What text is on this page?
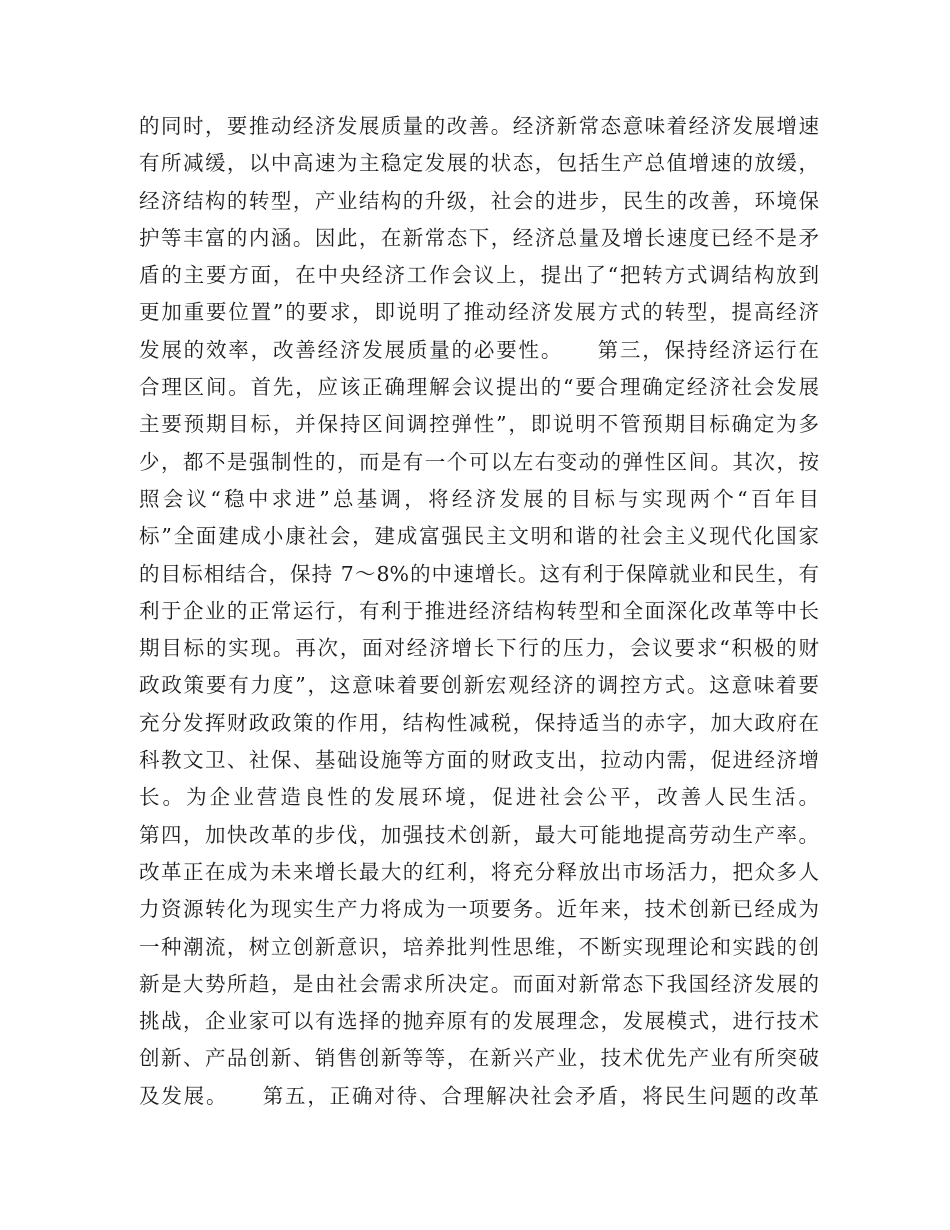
的同时，要推动经济发展质量的改善。经济新常态意味着经济发展增速
有所减缓，以中高速为主稳定发展的状态，包括生产总值增速的放缓，
经济结构的转型，产业结构的升级，社会的进步，民生的改善，环境保
护等丰富的内涵。因此，在新常态下，经济总量及增长速度已经不是矛
盾的主要方面，在中央经济工作会议上，提出了“把转方式调结构放到
更加重要位置”的要求，即说明了推动经济发展方式的转型，提高经济
发展的效率，改善经济发展质量的必要性。　　第三，保持经济运行在
合理区间。首先，应该正确理解会议提出的“要合理确定经济社会发展
主要预期目标，并保持区间调控弹性”，即说明不管预期目标确定为多
少，都不是强制性的，而是有一个可以左右变动的弹性区间。其次，按
照会议“稳中求进”总基调，将经济发展的目标与实现两个“百年目
标”全面建成小康社会，建成富强民主文明和谐的社会主义现代化国家
的目标相结合，保持 7～8%的中速增长。这有利于保障就业和民生，有
利于企业的正常运行，有利于推进经济结构转型和全面深化改革等中长
期目标的实现。再次，面对经济增长下行的压力，会议要求“积极的财
政政策要有力度”，这意味着要创新宏观经济的调控方式。这意味着要
充分发挥财政政策的作用，结构性减税，保持适当的赤字，加大政府在
科教文卫、社保、基础设施等方面的财政支出，拉动内需，促进经济增
长。为企业营造良性的发展环境，促进社会公平，改善人民生活。
第四，加快改革的步伐，加强技术创新，最大可能地提高劳动生产率。
改革正在成为未来增长最大的红利，将充分释放出市场活力，把众多人
力资源转化为现实生产力将成为一项要务。近年来，技术创新已经成为
一种潮流，树立创新意识，培养批判性思维，不断实现理论和实践的创
新是大势所趋，是由社会需求所决定。而面对新常态下我国经济发展的
挑战，企业家可以有选择的抛弃原有的发展理念，发展模式，进行技术
创新、产品创新、销售创新等等，在新兴产业，技术优先产业有所突破
及发展。　　第五，正确对待、合理解决社会矛盾，将民生问题的改革
